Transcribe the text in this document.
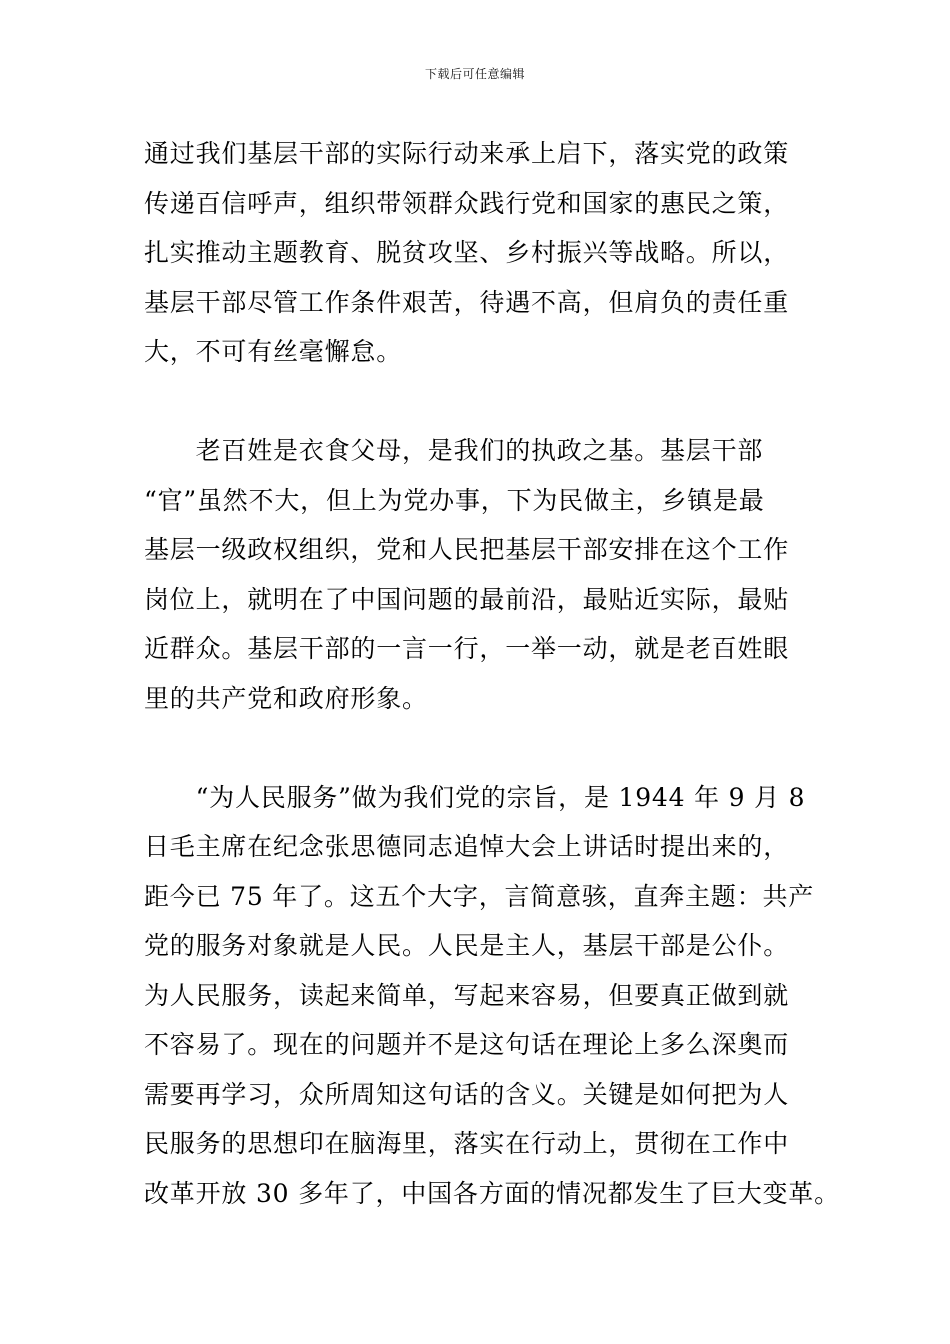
下载后可任意编辑
通过我们基层干部的实际行动来承上启下，落实党的政策
传递百信呼声，组织带领群众践行党和国家的惠民之策，
扎实推动主题教育、脱贫攻坚、乡村振兴等战略。所以，
基层干部尽管工作条件艰苦，待遇不高，但肩负的责任重
大，不可有丝毫懈怠。
　　老百姓是衣食父母，是我们的执政之基。基层干部
“官”虽然不大，但上为党办事，下为民做主，乡镇是最
基层一级政权组织，党和人民把基层干部安排在这个工作
岗位上，就明在了中国问题的最前沿，最贴近实际，最贴
近群众。基层干部的一言一行，一举一动，就是老百姓眼
里的共产党和政府形象。
　　“为人民服务”做为我们党的宗旨，是 1944 年 9 月 8
日毛主席在纪念张思德同志追悼大会上讲话时提出来的，
距今已 75 年了。这五个大字，言简意骇，直奔主题：共产
党的服务对象就是人民。人民是主人，基层干部是公仆。
为人民服务，读起来简单，写起来容易，但要真正做到就
不容易了。现在的问题并不是这句话在理论上多么深奥而
需要再学习，众所周知这句话的含义。关键是如何把为人
民服务的思想印在脑海里，落实在行动上，贯彻在工作中
改革开放 30 多年了，中国各方面的情况都发生了巨大变革。
